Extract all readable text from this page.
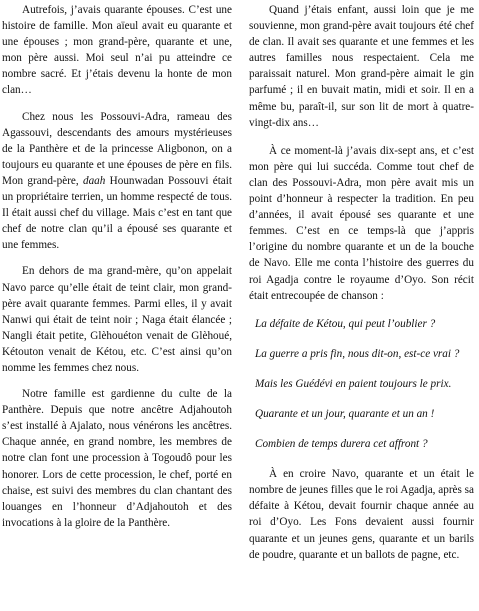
Autrefois, j’avais quarante épouses. C’est une histoire de famille. Mon aïeul avait eu quarante et une épouses ; mon grand-père, quarante et une, mon père aussi. Moi seul n’ai pu atteindre ce nombre sacré. Et j’étais devenu la honte de mon clan…

Chez nous les Possouvi-Adra, rameau des Agassouvi, descendants des amours mystérieuses de la Panthère et de la princesse Aligbonon, on a toujours eu quarante et une épouses de père en fils. Mon grand-père, daah Hounwadan Possouvi était un propriétaire terrien, un homme respecté de tous. Il était aussi chef du village. Mais c’est en tant que chef de notre clan qu’il a épousé ses quarante et une femmes.

En dehors de ma grand-mère, qu’on appelait Navo parce qu’elle était de teint clair, mon grand-père avait quarante femmes. Parmi elles, il y avait Nanwi qui était de teint noir ; Naga était élancée ; Nangli était petite, Glèhouéton venait de Glèhoué, Kétouton venait de Kétou, etc. C’est ainsi qu’on nomme les femmes chez nous.

Notre famille est gardienne du culte de la Panthère. Depuis que notre ancêtre Adjahoutoh s’est installé à Ajalato, nous vénérons les ancêtres. Chaque année, en grand nombre, les membres de notre clan font une procession à Togoudô pour les honorer. Lors de cette procession, le chef, porté en chaise, est suivi des membres du clan chantant des louanges en l’honneur d’Adjahoutoh et des invocations à la gloire de la Panthère.

Quand j’étais enfant, aussi loin que je me souvienne, mon grand-père avait toujours été chef de clan. Il avait ses quarante et une femmes et les autres familles nous respectaient. Cela me paraissait naturel. Mon grand-père aimait le gin parfumé ; il en buvait matin, midi et soir. Il en a même bu, paraît-il, sur son lit de mort à quatre-vingt-dix ans…

À ce moment-là j’avais dix-sept ans, et c’est mon père qui lui succéda. Comme tout chef de clan des Possouvi-Adra, mon père avait mis un point d’honneur à respecter la tradition. En peu d’années, il avait épousé ses quarante et une femmes. C’est en ce temps-là que j’appris l’origine du nombre quarante et un de la bouche de Navo. Elle me conta l’histoire des guerres du roi Agadja contre le royaume d’Oyo. Son récit était entrecoupée de chanson :

La défaite de Kétou, qui peut l’oublier ?

La guerre a pris fin, nous dit-on, est-ce vrai ?

Mais les Guédévi en paient toujours le prix.

Quarante et un jour, quarante et un an !

Combien de temps durera cet affront ?

À en croire Navo, quarante et un était le nombre de jeunes filles que le roi Agadja, après sa défaite à Kétou, devait fournir chaque année au roi d’Oyo. Les Fons devaient aussi fournir quarante et un jeunes gens, quarante et un barils de poudre, quarante et un ballots de pagne, etc.
